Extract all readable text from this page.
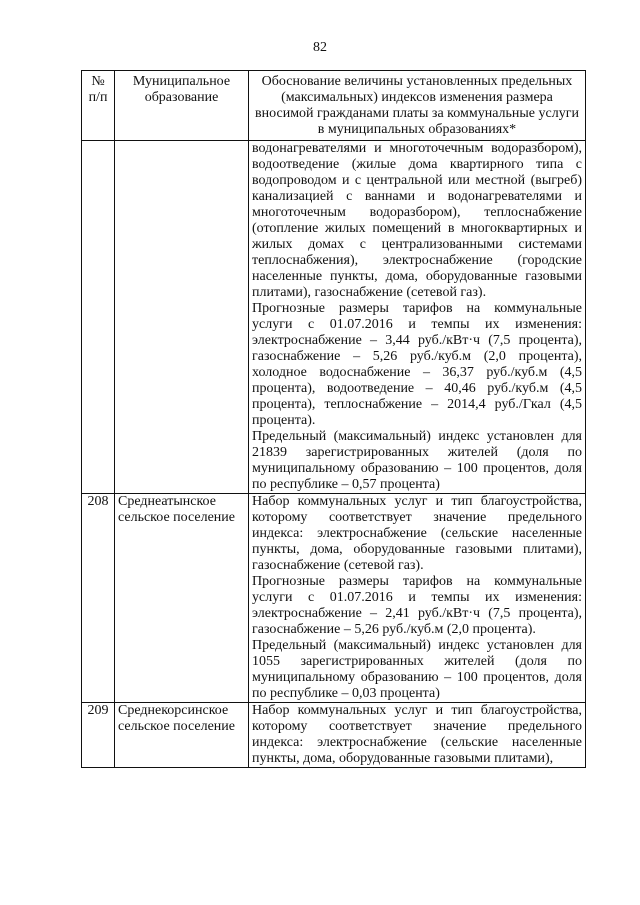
82
№ п/п	Муниципальное образование	Обоснование величины установленных предельных (максимальных) индексов изменения размера вносимой гражданами платы за коммунальные услуги в муниципальных образованиях*

		водонагревателями и многоточечным водоразбором), водоотведение (жилые дома квартирного типа с водопроводом и с центральной или местной (выгреб) канализацией с ваннами и водонагревателями и многоточечным водоразбором), теплоснабжение (отопление жилых помещений в многоквартирных и жилых домах с централизованными системами теплоснабжения), электроснабжение (городские населенные пункты, дома, оборудованные газовыми плитами), газоснабжение (сетевой газ).
Прогнозные размеры тарифов на коммунальные услуги с 01.07.2016 и темпы их изменения: электроснабжение – 3,44 руб./кВт·ч (7,5 процента), газоснабжение – 5,26 руб./куб.м (2,0 процента), холодное водоснабжение – 36,37 руб./куб.м (4,5 процента), водоотведение – 40,46 руб./куб.м (4,5 процента), теплоснабжение – 2014,4 руб./Гкал (4,5 процента).
Предельный (максимальный) индекс установлен для 21839 зарегистрированных жителей (доля по муниципальному образованию – 100 процентов, доля по республике – 0,57 процента)

208	Среднеатынское сельское поселение	Набор коммунальных услуг и тип благоустройства, которому соответствует значение предельного индекса: электроснабжение (сельские населенные пункты, дома, оборудованные газовыми плитами), газоснабжение (сетевой газ).
Прогнозные размеры тарифов на коммунальные услуги с 01.07.2016 и темпы их изменения: электроснабжение – 2,41 руб./кВт·ч (7,5 процента), газоснабжение – 5,26 руб./куб.м (2,0 процента).
Предельный (максимальный) индекс установлен для 1055 зарегистрированных жителей (доля по муниципальному образованию – 100 процентов, доля по республике – 0,03 процента)

209	Среднекорсинское сельское поселение	Набор коммунальных услуг и тип благоустройства, которому соответствует значение предельного индекса: электроснабжение (сельские населенные пункты, дома, оборудованные газовыми плитами),
